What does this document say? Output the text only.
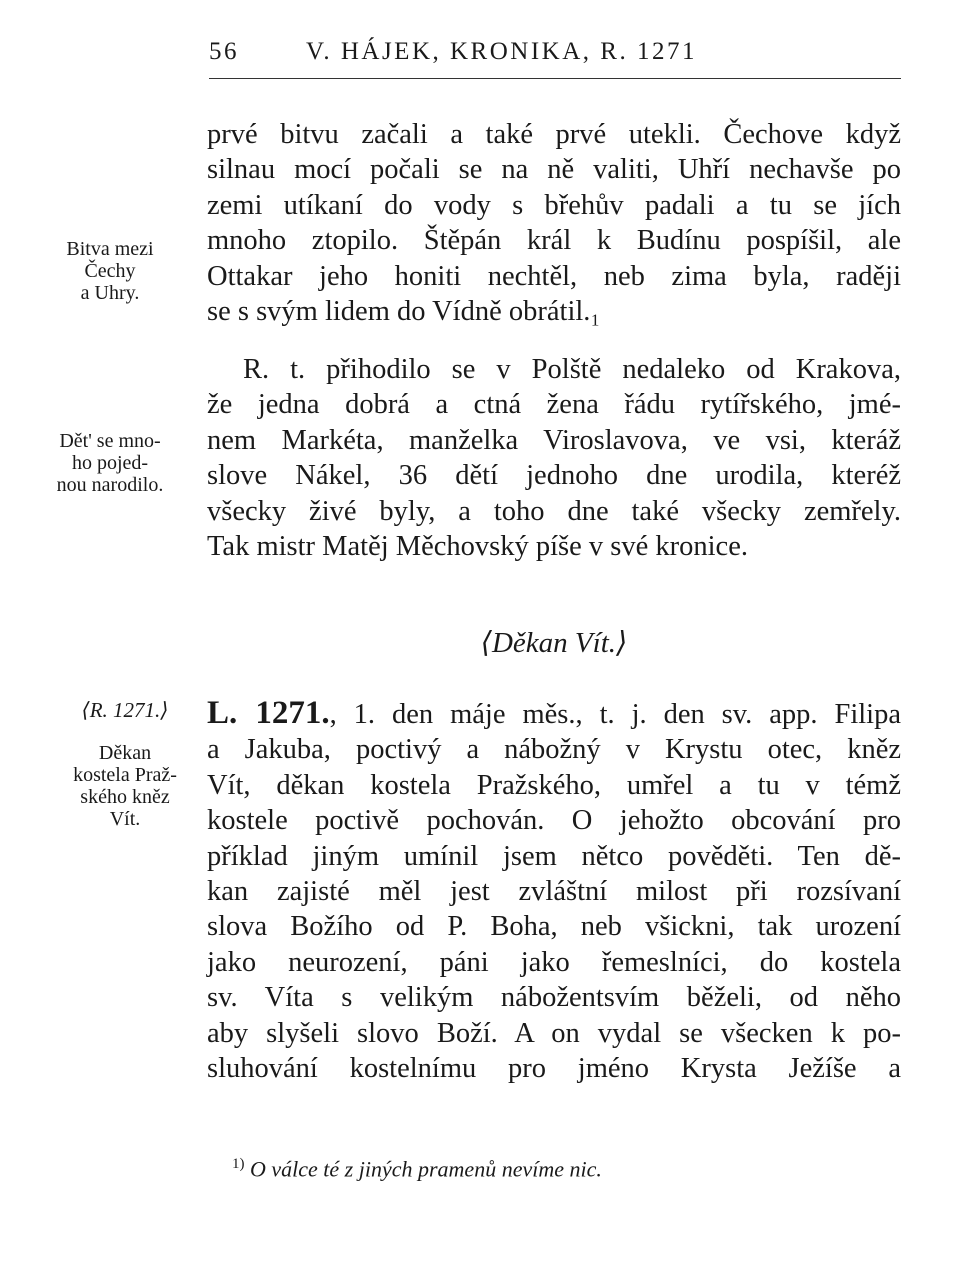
56	V. HÁJEK, KRONIKA, R. 1271
prvé bitvu začali a také prvé utekli. Čechove když
silnau mocí počali se na ně valiti, Uhří nechavše po
zemi utíkaní do vody s břehův padali a tu se jích
mnoho ztopilo. Štěpán král k Budínu pospíšil, ale
Ottakar jeho honiti nechtěl, neb zima byla, raději
se s svým lidem do Vídně obrátil.₁
R. t. přihodilo se v Polště nedaleko od Krakova,
že jedna dobrá a ctná žena řádu rytířského, jmé-
nem Markéta, manželka Viroslavova, ve vsi, kteráž
slove Nákel, 36 dětí jednoho dne urodila, kteréž
všecky živé byly, a toho dne také všecky zemřely.
Tak mistr Matěj Měchovský píše v své kronice.
⟨Děkan Vít.⟩
⟨R. 1271.⟩	L. 1271., 1. den máje měs., t. j. den sv. app. Filipa
a Jakuba, poctivý a nábožný v Krystu otec, kněz
Vít, děkan kostela Pražského, umřel a tu v témž
kostele poctivě pochován. O jehožto obcování pro
příklad jiným umínil jsem nětco pověděti. Ten dě-
kan zajisté měl jest zvláštní milost při rozsívaní
slova Božího od P. Boha, neb všickni, tak urození
jako neurození, páni jako řemeslníci, do kostela
sv. Víta s velikým nábožentsvím běželi, od něho
aby slyšeli slovo Boží. A on vydal se všecken k po-
sluhování kostelnímu pro jméno Krysta Ježíše a
Bitva mezi
Čechy
a Uhry.
Dět' se mno-
ho pojed-
nou narodilo.
Děkan
kostela Praž-
ského kněz
Vít.
$^{1)}$ O válce té z jiných pramenů nevíme nic.
